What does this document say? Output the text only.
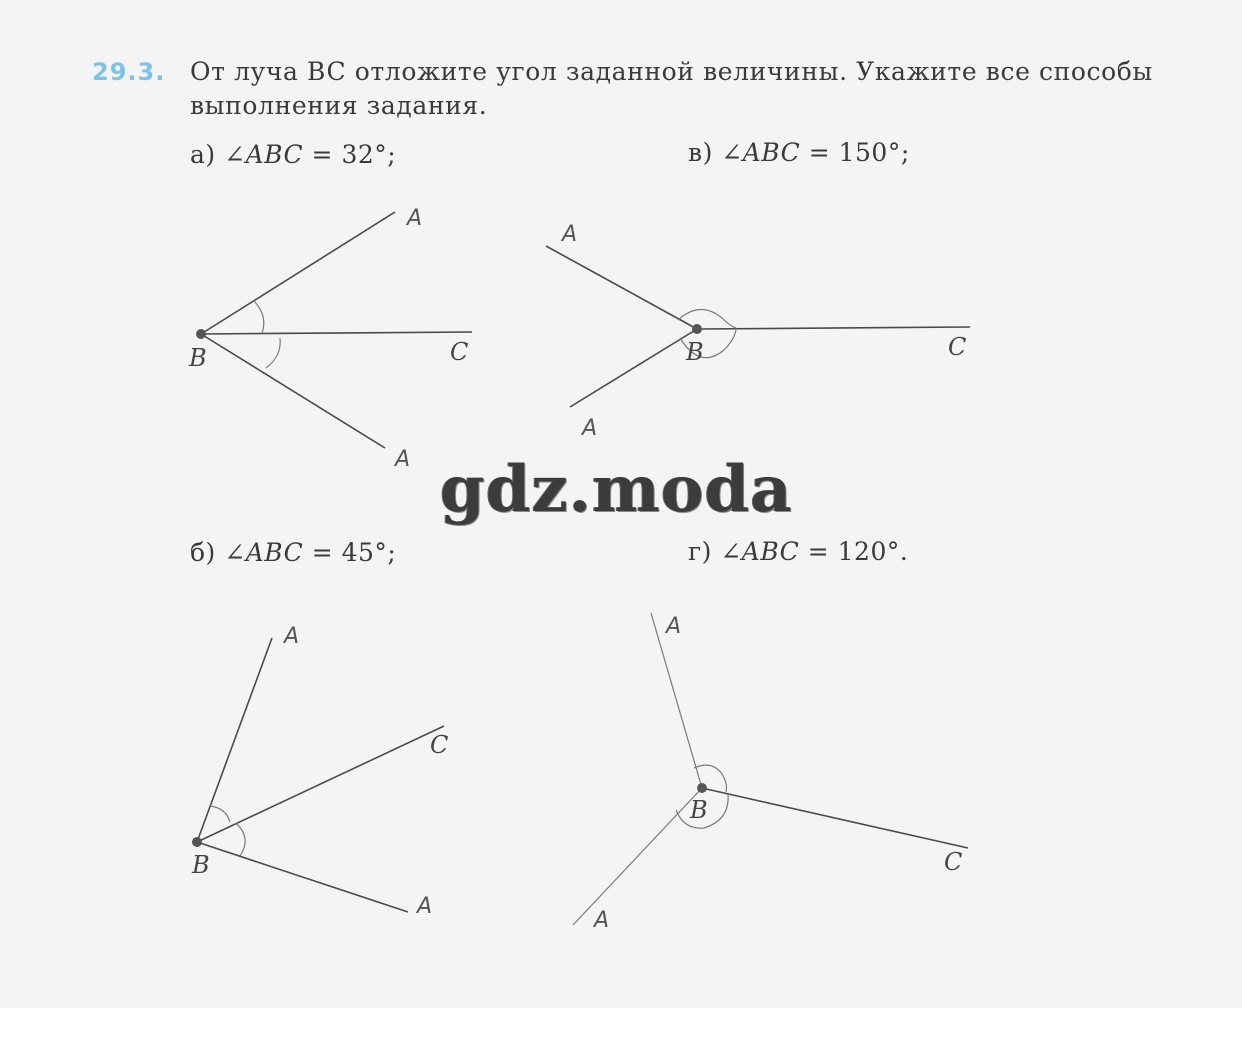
29.3. От луча BC отложите угол заданной величины. Укажите все способы выполнения задания.
а) ∠ABC = 32°;	в) ∠ABC = 150°;
б) ∠ABC = 45°;	г) ∠ABC = 120°.
B	C
A
A
B	C
A
A
B
C
A
A
B
C
A
A
gdz.moda
